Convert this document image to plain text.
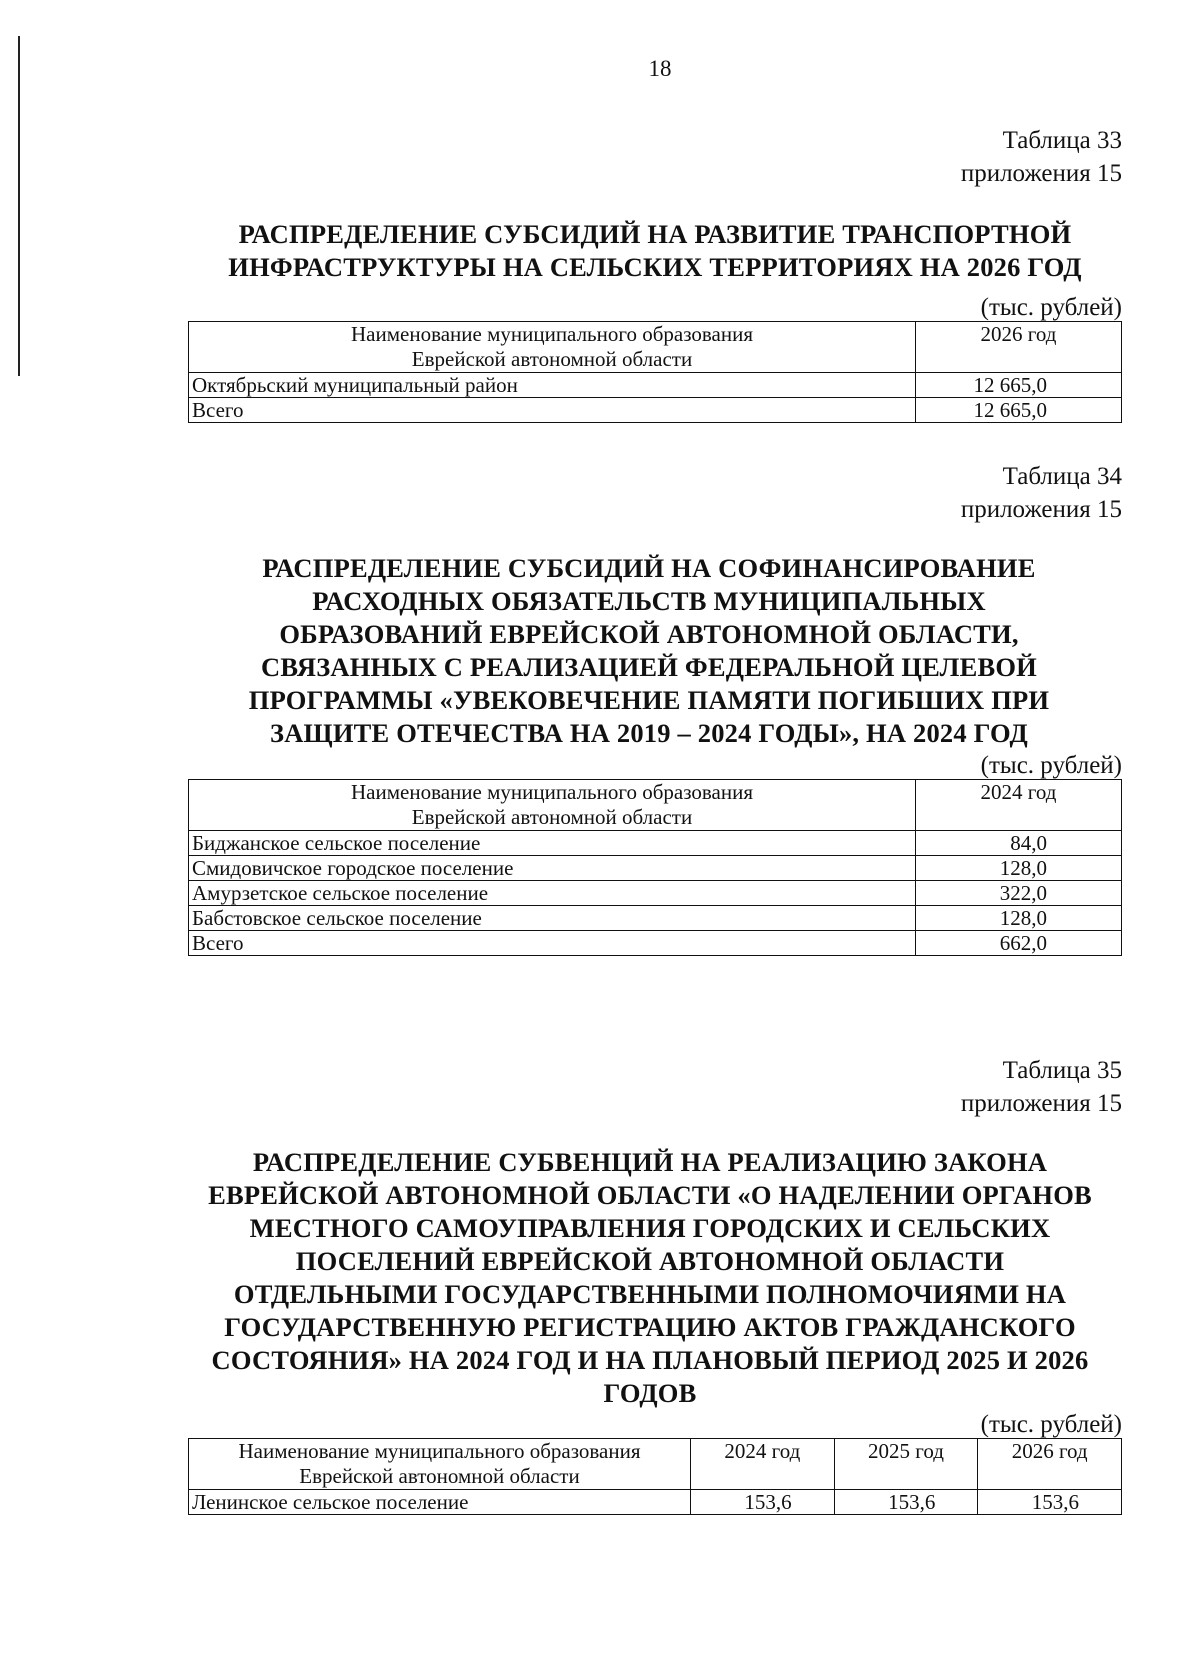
18
Таблица 33
приложения 15
РАСПРЕДЕЛЕНИЕ СУБСИДИЙ НА РАЗВИТИЕ ТРАНСПОРТНОЙ ИНФРАСТРУКТУРЫ НА СЕЛЬСКИХ ТЕРРИТОРИЯХ НА 2026 ГОД
(тыс. рублей)
Наименование муниципального образования
Еврейской автономной области	2026 год
Октябрьский муниципальный район	12 665,0
Всего	12 665,0
Таблица 34
приложения 15
РАСПРЕДЕЛЕНИЕ СУБСИДИЙ НА СОФИНАНСИРОВАНИЕ РАСХОДНЫХ ОБЯЗАТЕЛЬСТВ МУНИЦИПАЛЬНЫХ ОБРАЗОВАНИЙ ЕВРЕЙСКОЙ АВТОНОМНОЙ ОБЛАСТИ, СВЯЗАННЫХ С РЕАЛИЗАЦИЕЙ ФЕДЕРАЛЬНОЙ ЦЕЛЕВОЙ ПРОГРАММЫ «УВЕКОВЕЧЕНИЕ ПАМЯТИ ПОГИБШИХ ПРИ ЗАЩИТЕ ОТЕЧЕСТВА НА 2019 – 2024 ГОДЫ», НА 2024 ГОД
(тыс. рублей)
Наименование муниципального образования
Еврейской автономной области	2024 год
Биджанское сельское поселение	84,0
Смидовичское городское поселение	128,0
Амурзетское сельское поселение	322,0
Бабстовское сельское поселение	128,0
Всего	662,0
Таблица 35
приложения 15
РАСПРЕДЕЛЕНИЕ СУБВЕНЦИЙ НА РЕАЛИЗАЦИЮ ЗАКОНА ЕВРЕЙСКОЙ АВТОНОМНОЙ ОБЛАСТИ «О НАДЕЛЕНИИ ОРГАНОВ МЕСТНОГО САМОУПРАВЛЕНИЯ ГОРОДСКИХ И СЕЛЬСКИХ ПОСЕЛЕНИЙ ЕВРЕЙСКОЙ АВТОНОМНОЙ ОБЛАСТИ ОТДЕЛЬНЫМИ ГОСУДАРСТВЕННЫМИ ПОЛНОМОЧИЯМИ НА ГОСУДАРСТВЕННУЮ РЕГИСТРАЦИЮ АКТОВ ГРАЖДАНСКОГО СОСТОЯНИЯ» НА 2024 ГОД И НА ПЛАНОВЫЙ ПЕРИОД 2025 И 2026 ГОДОВ
(тыс. рублей)
Наименование муниципального образования
Еврейской автономной области	2024 год	2025 год	2026 год
Ленинское сельское поселение	153,6	153,6	153,6
